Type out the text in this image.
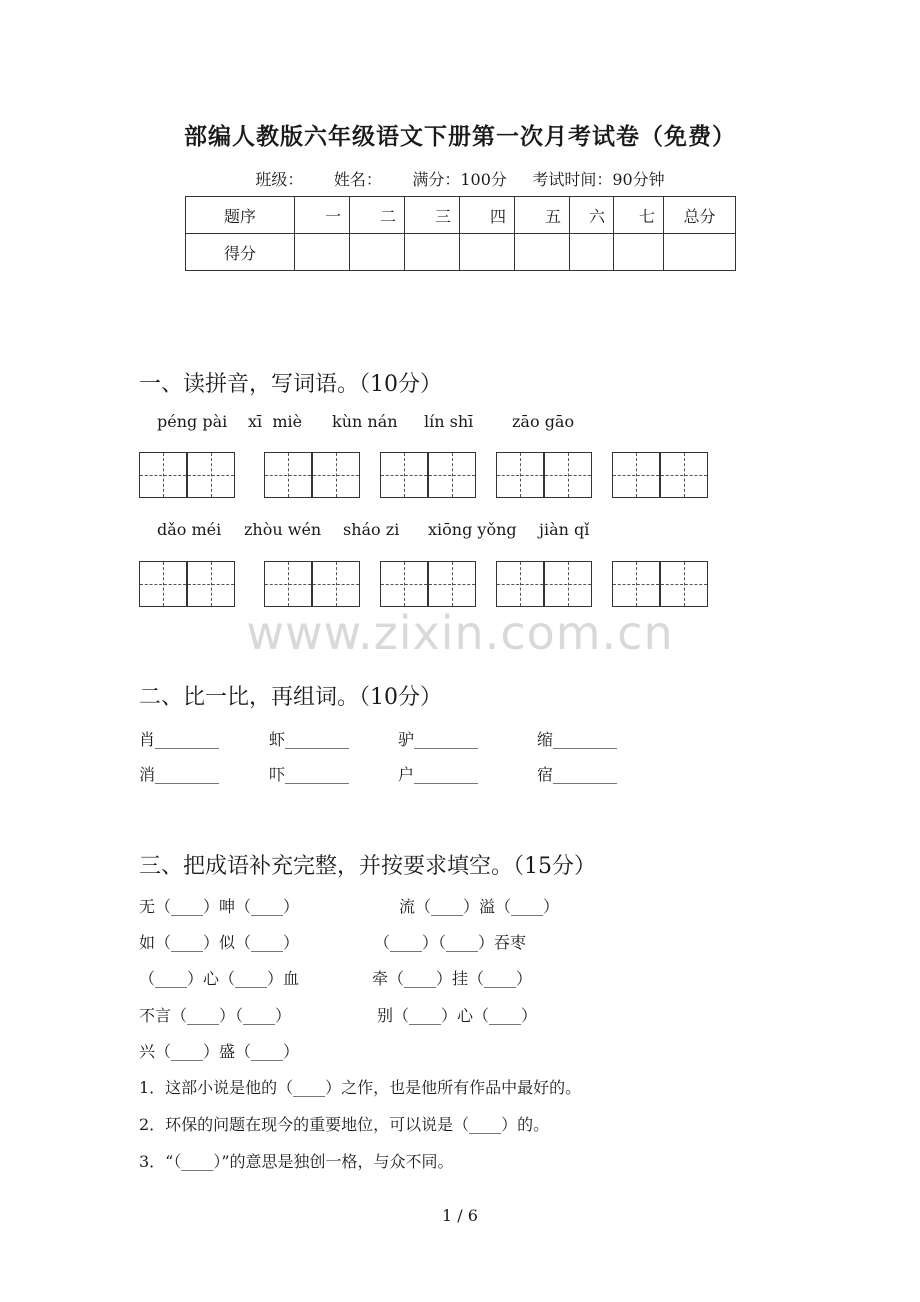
部编人教版六年级语文下册第一次月考试卷（免费）
班级：      姓名：      满分：100分     考试时间：90分钟
题序	一	二	三	四	五	六	七	总分
得分								
一、读拼音，写词语。（10分）
péng pài xī  miè kùn nán lín shī zāo gāo
dǎo méi zhòu wén sháo zi xiōng yǒng jiàn qǐ
www.zixin.com.cn
二、比一比，再组词。（10分）
肖________	虾________	驴________	缩________
消________	吓________	户________	宿________
三、把成语补充完整，并按要求填空。（15分）
无（____）呻（____）	流（____）溢（____）
如（____）似（____）	（____）（____）吞枣
（____）心（____）血	牵（____）挂（____）
不言（____）（____）	别（____）心（____）
兴（____）盛（____）
1．这部小说是他的（____）之作，也是他所有作品中最好的。
2．环保的问题在现今的重要地位，可以说是（____）的。
3．“（____）”的意思是独创一格，与众不同。
1 / 6
